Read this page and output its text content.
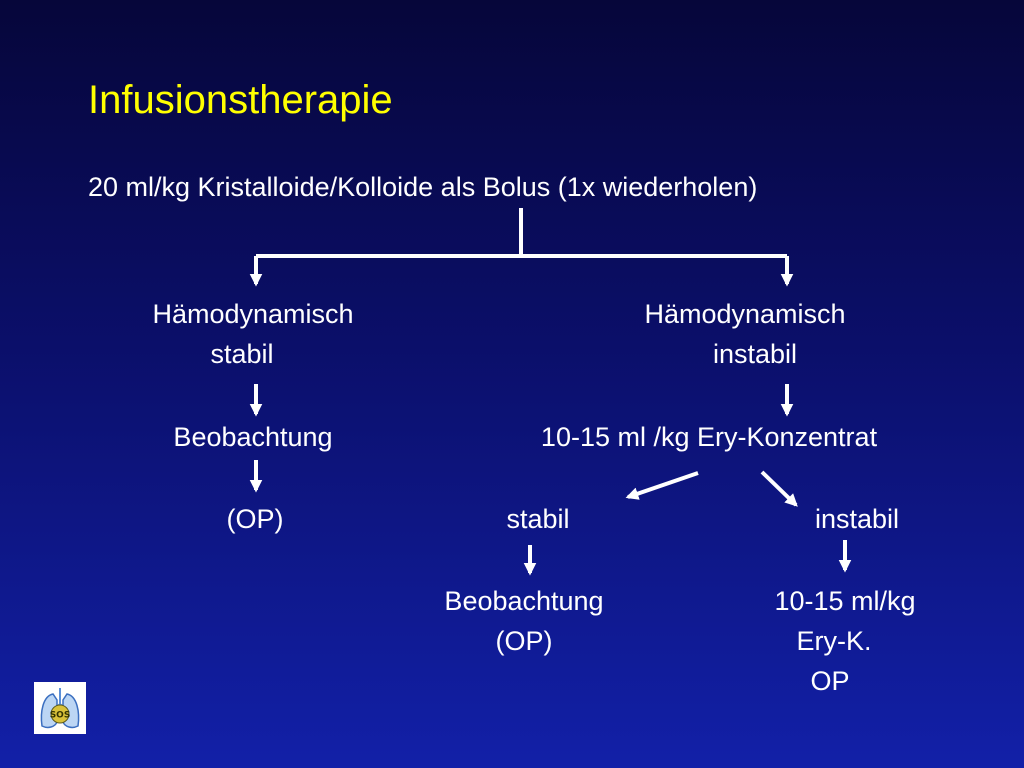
Infusionstherapie
20 ml/kg Kristalloide/Kolloide als Bolus (1x wiederholen)
Hämodynamisch
stabil
Beobachtung
(OP)
Hämodynamisch
instabil
10-15 ml /kg Ery-Konzentrat
stabil	instabil
Beobachtung
(OP)
10-15 ml/kg
Ery-K.
OP
SOS
